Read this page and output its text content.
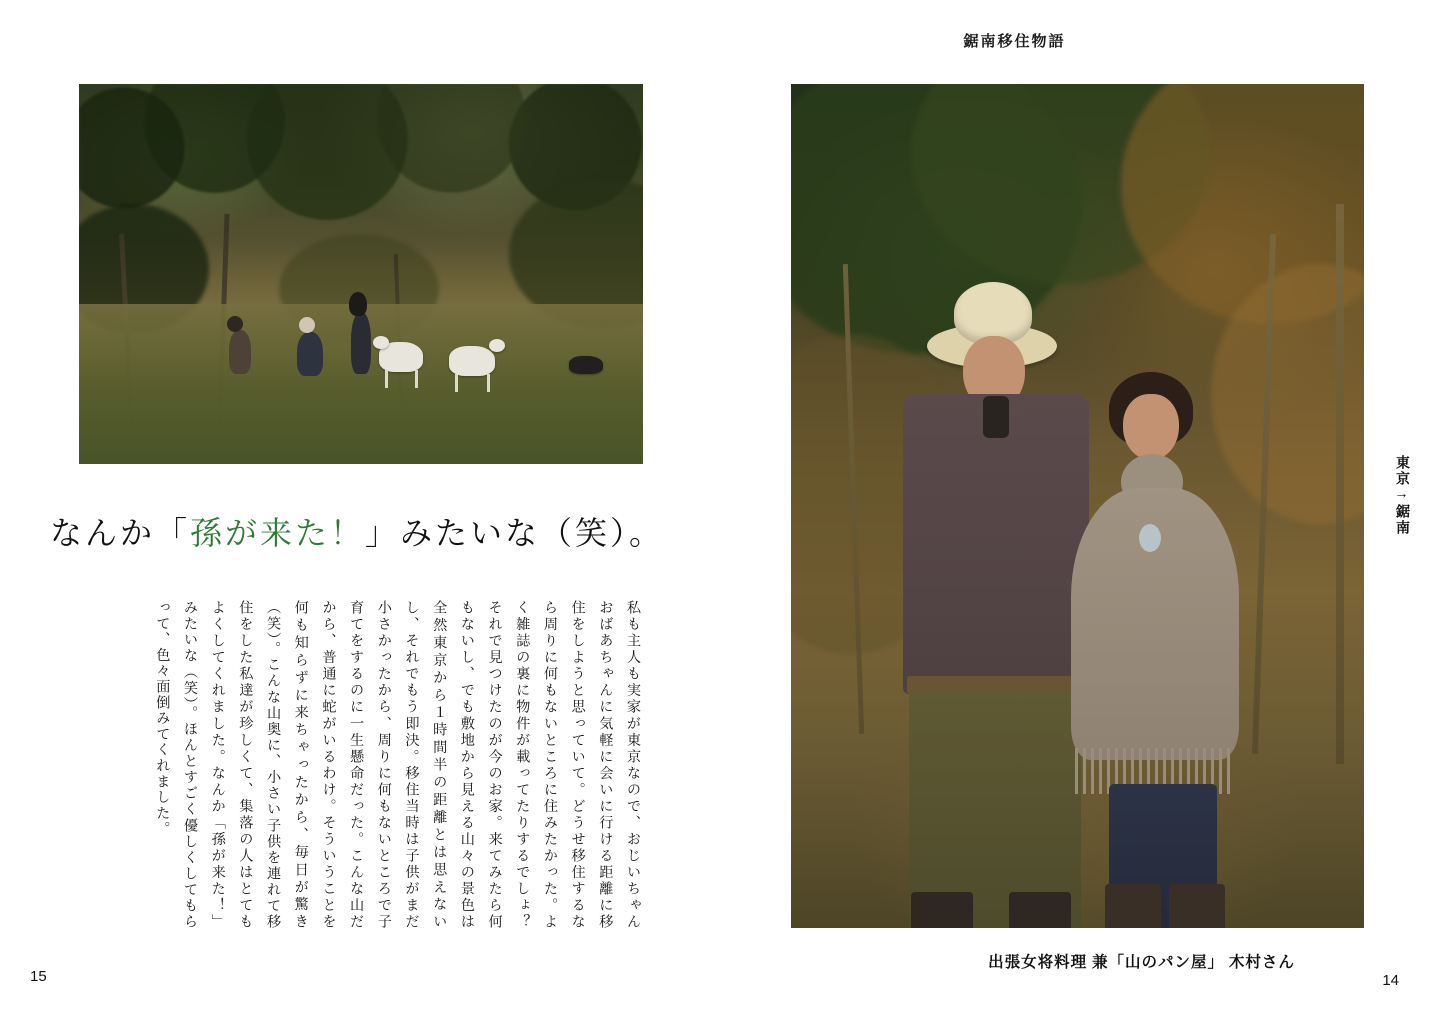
鋸南移住物語
なんか「孫が来た！」みたいな（笑）。
私も主人も実家が東京なので、おじいちゃんおばあちゃんに気軽に会いに行ける距離に移住をしようと思っていて。どうせ移住するなら周りに何もないところに住みたかった。よく雑誌の裏に物件が載ってたりするでしょ？それで見つけたのが今のお家。来てみたら何もないし、でも敷地から見える山々の景色は全然東京から１時間半の距離とは思えないし、それでもう即決。移住当時は子供がまだ小さかったから、周りに何もないところで子育てをするのに一生懸命だった。こんな山だから、普通に蛇がいるわけ。そういうことを何も知らずに来ちゃったから、毎日が驚き（笑）。こんな山奥に、小さい子供を連れて移住をした私達が珍しくて、集落の人はとてもよくしてくれました。なんか「孫が来た！」みたいな（笑）。ほんとすごく優しくしてもらって、色々面倒みてくれました。
15
出張女将料理 兼「山のパン屋」 木村さん
東京→鋸南
14
